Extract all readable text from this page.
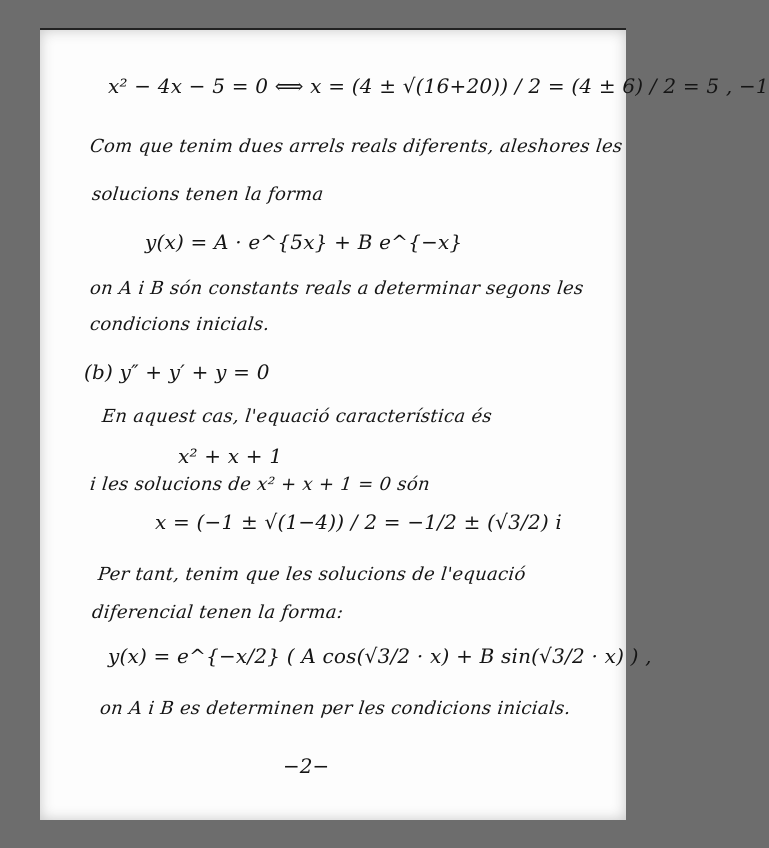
x² − 4x − 5 = 0 ⟺ x = (4 ± √(16+20)) / 2 = (4 ± 6) / 2 = 5 , −1
Com que tenim dues arrels reals diferents, aleshores les
solucions tenen la forma
y(x) = A · e^{5x} + B e^{−x}
on A i B són constants reals a determinar segons les
condicions inicials.
(b) y″ + y′ + y = 0
En aquest cas, l'equació característica és
x² + x + 1
i les solucions de x² + x + 1 = 0 són
x = (−1 ± √(1−4)) / 2 = −1/2 ± (√3/2) i
Per tant, tenim que les solucions de l'equació
diferencial tenen la forma:
y(x) = e^{−x/2} ( A cos(√3/2 · x) + B sin(√3/2 · x) ) ,
on A i B es determinen per les condicions inicials.
−2−
